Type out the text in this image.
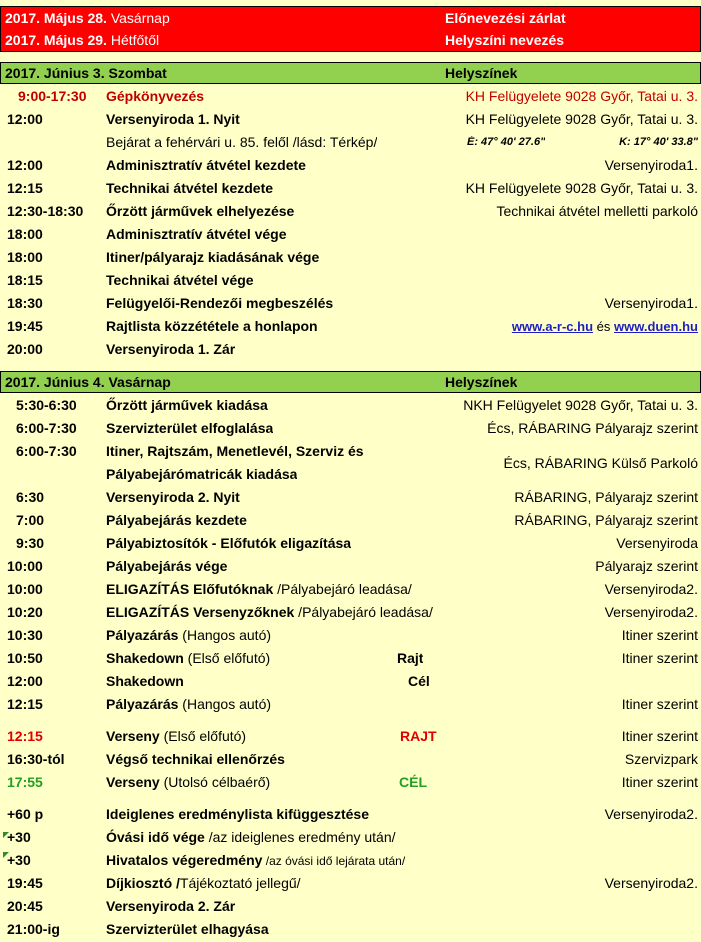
2017. Május 28. Vasárnap	Előnevezési zárlat
2017. Május 29. Hétfőtől	Helyszíni nevezés
2017. Június 3. Szombat	Helyszínek
9:00-17:30 Gépkönyvezés	KH Felügyelete 9028 Győr, Tatai u. 3.
12:00	Versenyiroda 1. Nyit	KH Felügyelete 9028 Győr, Tatai u. 3.
Bejárat a fehérvári u. 85. felől /lásd: Térkép/	É: 47° 40' 27.6"	K: 17° 40' 33.8"
12:00	Adminisztratív átvétel kezdete	Versenyiroda1.
12:15	Technikai átvétel kezdete	KH Felügyelete 9028 Győr, Tatai u. 3.
12:30-18:30 Őrzött járművek elhelyezése	Technikai átvétel melletti parkoló
18:00	Adminisztratív átvétel vége
18:00	Itiner/pályarajz kiadásának vége
18:15	Technikai átvétel vége
18:30	Felügyelői-Rendezői megbeszélés	Versenyiroda1.
19:45	Rajtlista közzététele a honlapon	www.a-r-c.hu és www.duen.hu
20:00	Versenyiroda 1. Zár
2017. Június 4. Vasárnap	Helyszínek
5:30-6:30 Őrzött járművek kiadása	NKH Felügyelet 9028 Győr, Tatai u. 3.
6:00-7:30 Szervizterület elfoglalása	Écs, RÁBARING Pályarajz szerint
6:00-7:30 Itiner, Rajtszám, Menetlevél, Szerviz és
Pályabejárómatricák kiadása
Écs, RÁBARING Külső Parkoló
6:30	Versenyiroda 2. Nyit	RÁBARING, Pályarajz szerint
7:00	Pályabejárás kezdete	RÁBARING, Pályarajz szerint
9:30	Pályabiztosítók - Előfutók eligazítása	Versenyiroda
10:00	Pályabejárás vége	Pályarajz szerint
10:00	ELIGAZÍTÁS Előfutóknak /Pályabejáró leadása/	Versenyiroda2.
10:20	ELIGAZÍTÁS Versenyzőknek /Pályabejáró leadása/	Versenyiroda2.
10:30	Pályazárás (Hangos autó)	Itiner szerint
10:50	Shakedown (Első előfutó)	Rajt	Itiner szerint
12:00	Shakedown	Cél
12:15	Pályazárás (Hangos autó)	Itiner szerint
12:15	Verseny (Első előfutó)	RAJT	Itiner szerint
16:30-tól	Végső technikai ellenőrzés	Szervizpark
17:55	Verseny (Utolsó célbaérő)	CÉL	Itiner szerint
+60 p	Ideiglenes eredménylista kifüggesztése	Versenyiroda2.
+30	Óvási idő vége /az ideiglenes eredmény után/
+30	Hivatalos végeredmény /az óvási idő lejárata után/
19:45	Díjkiosztó /Tájékoztató jellegű/	Versenyiroda2.
20:45	Versenyiroda 2. Zár
21:00-ig	Szervizterület elhagyása
